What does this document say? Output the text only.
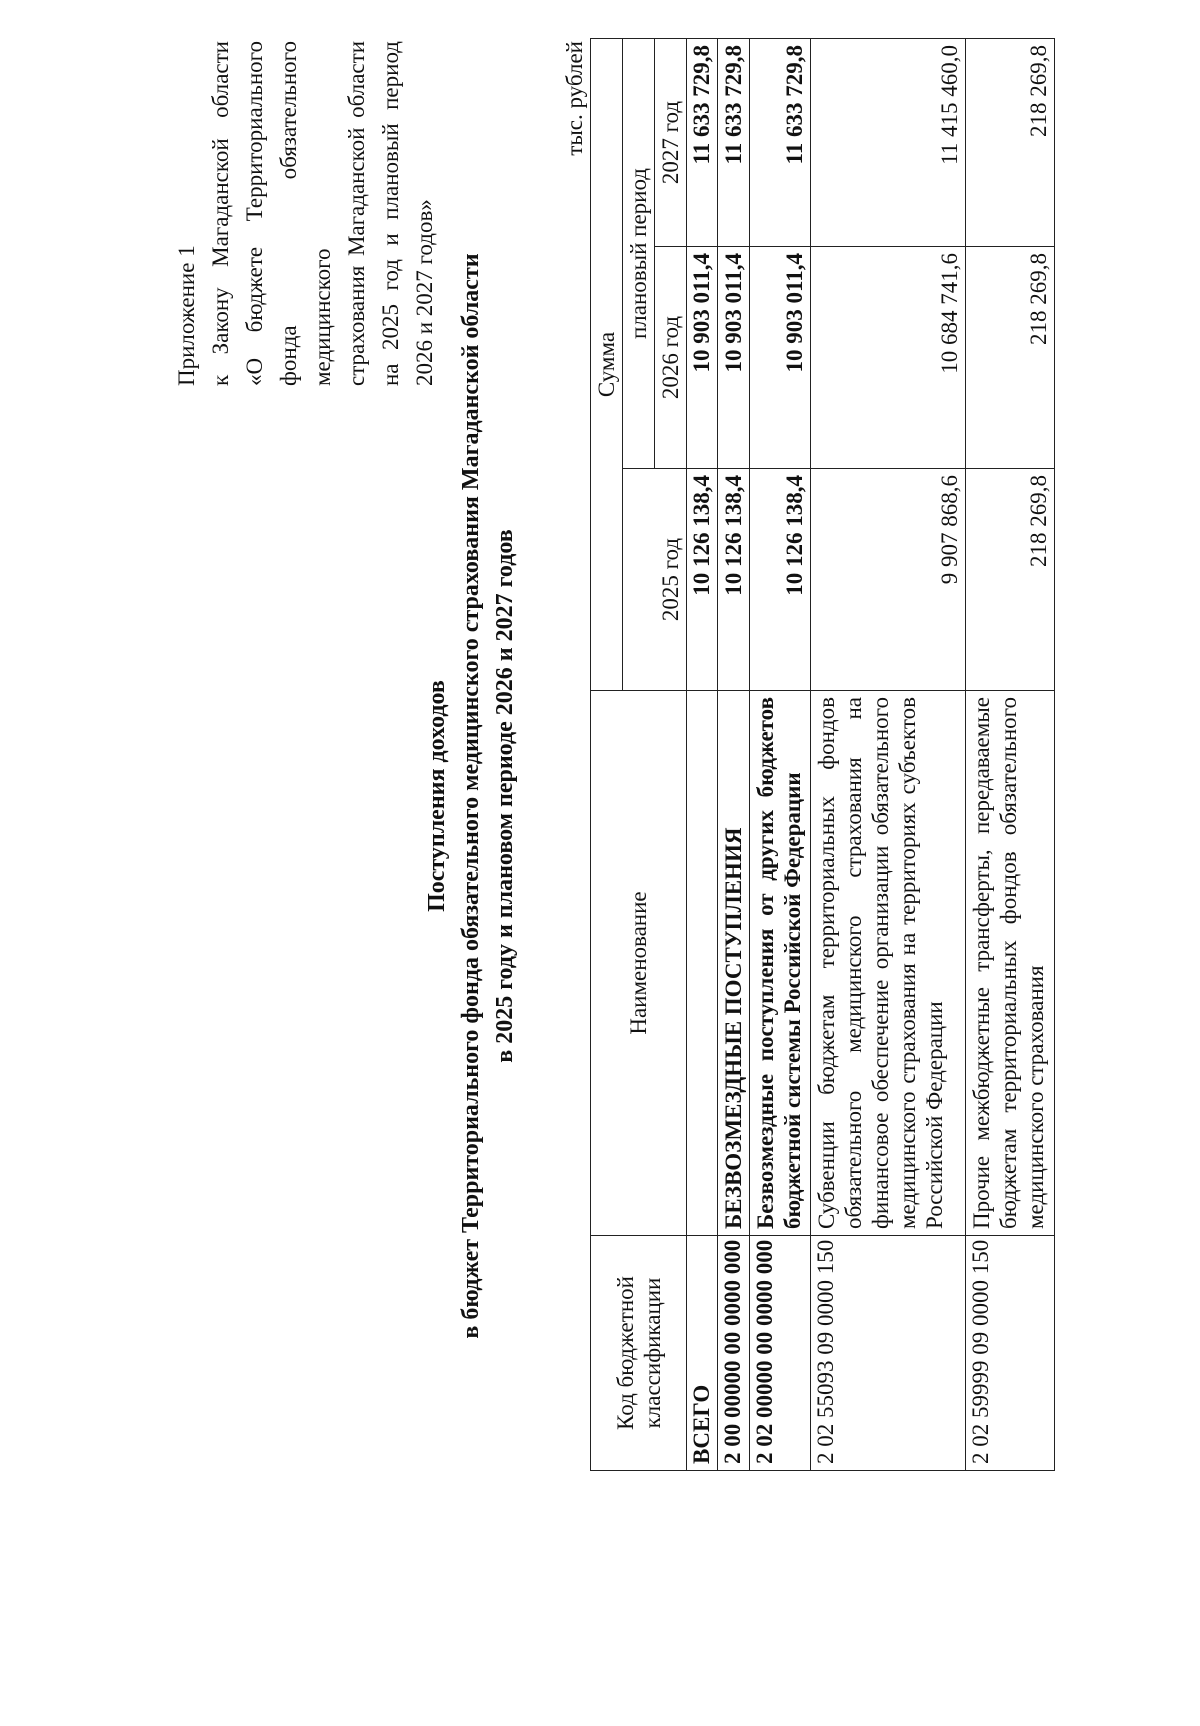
Приложение 1 к Закону Магаданской области «О бюджете Территориального фонда обязательного медицинского страхования Магаданской области на 2025 год и плановый период 2026 и 2027 годов»
Поступления доходов в бюджет Территориального фонда обязательного медицинского страхования Магаданской области в 2025 году и плановом периоде 2026 и 2027 годов
тыс. рублей
Код бюджетной классификации	Наименование	Сумма		
		2025 год	плановый период	
			2026 год	2027 год
ВСЕГО		10 126 138,4	10 903 011,4	11 633 729,8
2 00 00000 00 0000 000	БЕЗВОЗМЕЗДНЫЕ ПОСТУПЛЕНИЯ	10 126 138,4	10 903 011,4	11 633 729,8
2 02 00000 00 0000 000	Безвозмездные поступления от других бюджетов бюджетной системы Российской Федерации	10 126 138,4	10 903 011,4	11 633 729,8
2 02 55093 09 0000 150	Субвенции бюджетам территориальных фондов обязательного медицинского страхования на финансовое обеспечение организации обязательного медицинского страхования на территориях субъектов Российской Федерации	9 907 868,6	10 684 741,6	11 415 460,0
2 02 59999 09 0000 150	Прочие межбюджетные трансферты, передаваемые бюджетам территориальных фондов обязательного медицинского страхования	218 269,8	218 269,8	218 269,8
